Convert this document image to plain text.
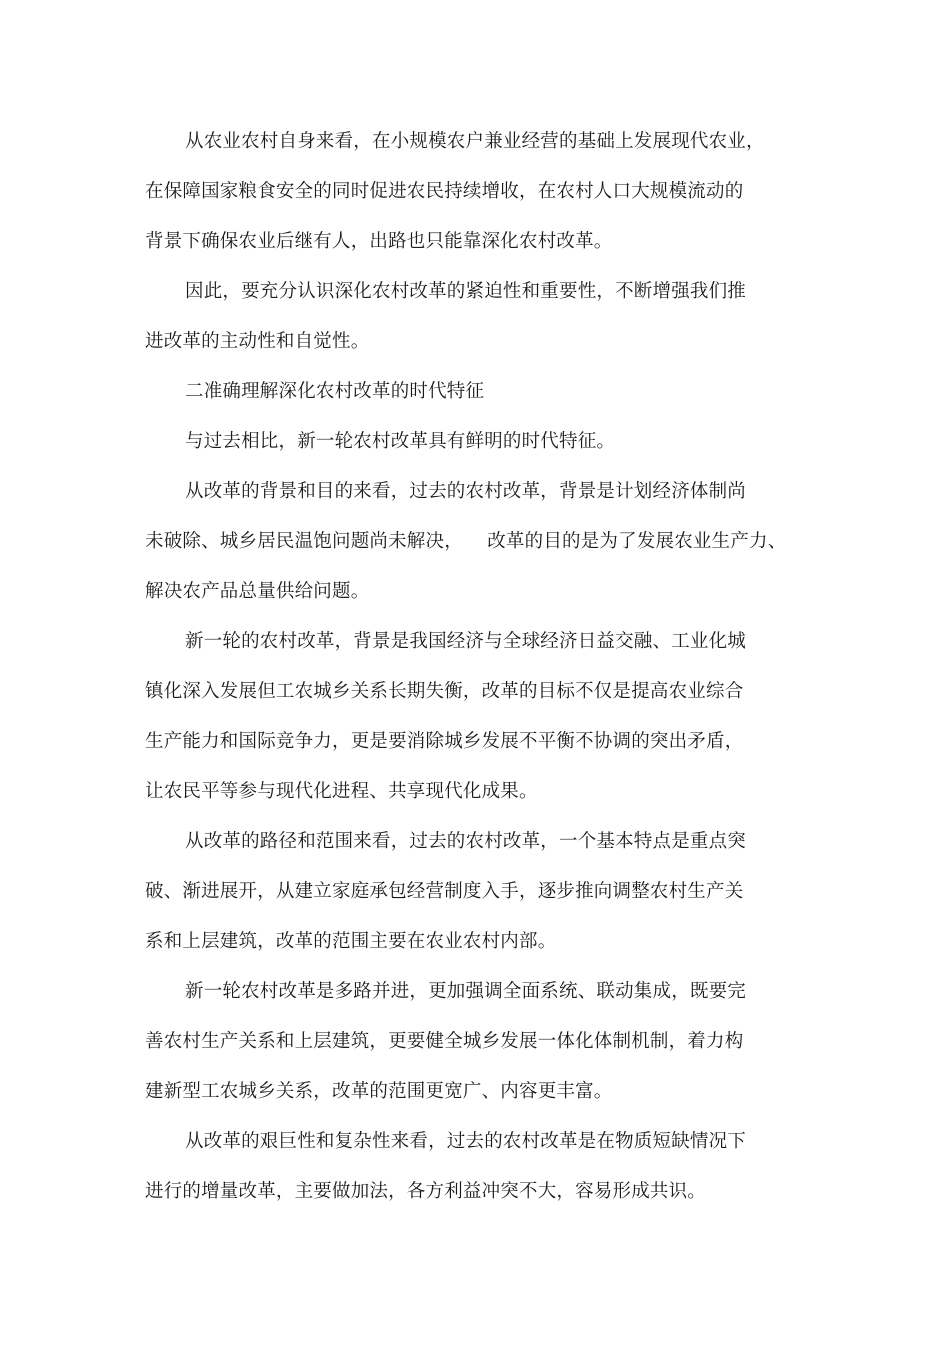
从农业农村自身来看，在小规模农户兼业经营的基础上发展现代农业，

在保障国家粮食安全的同时促进农民持续增收，在农村人口大规模流动的

背景下确保农业后继有人，出路也只能靠深化农村改革。

因此，要充分认识深化农村改革的紧迫性和重要性，不断增强我们推

进改革的主动性和自觉性。

二准确理解深化农村改革的时代特征

与过去相比，新一轮农村改革具有鲜明的时代特征。

从改革的背景和目的来看，过去的农村改革，背景是计划经济体制尚

未破除、城乡居民温饱问题尚未解决，    改革的目的是为了发展农业生产力、

解决农产品总量供给问题。

新一轮的农村改革，背景是我国经济与全球经济日益交融、工业化城

镇化深入发展但工农城乡关系长期失衡，改革的目标不仅是提高农业综合

生产能力和国际竞争力，更是要消除城乡发展不平衡不协调的突出矛盾，

让农民平等参与现代化进程、共享现代化成果。

从改革的路径和范围来看，过去的农村改革，一个基本特点是重点突

破、渐进展开，从建立家庭承包经营制度入手，逐步推向调整农村生产关

系和上层建筑，改革的范围主要在农业农村内部。

新一轮农村改革是多路并进，更加强调全面系统、联动集成，既要完

善农村生产关系和上层建筑，更要健全城乡发展一体化体制机制，着力构

建新型工农城乡关系，改革的范围更宽广、内容更丰富。

从改革的艰巨性和复杂性来看，过去的农村改革是在物质短缺情况下

进行的增量改革，主要做加法，各方利益冲突不大，容易形成共识。
